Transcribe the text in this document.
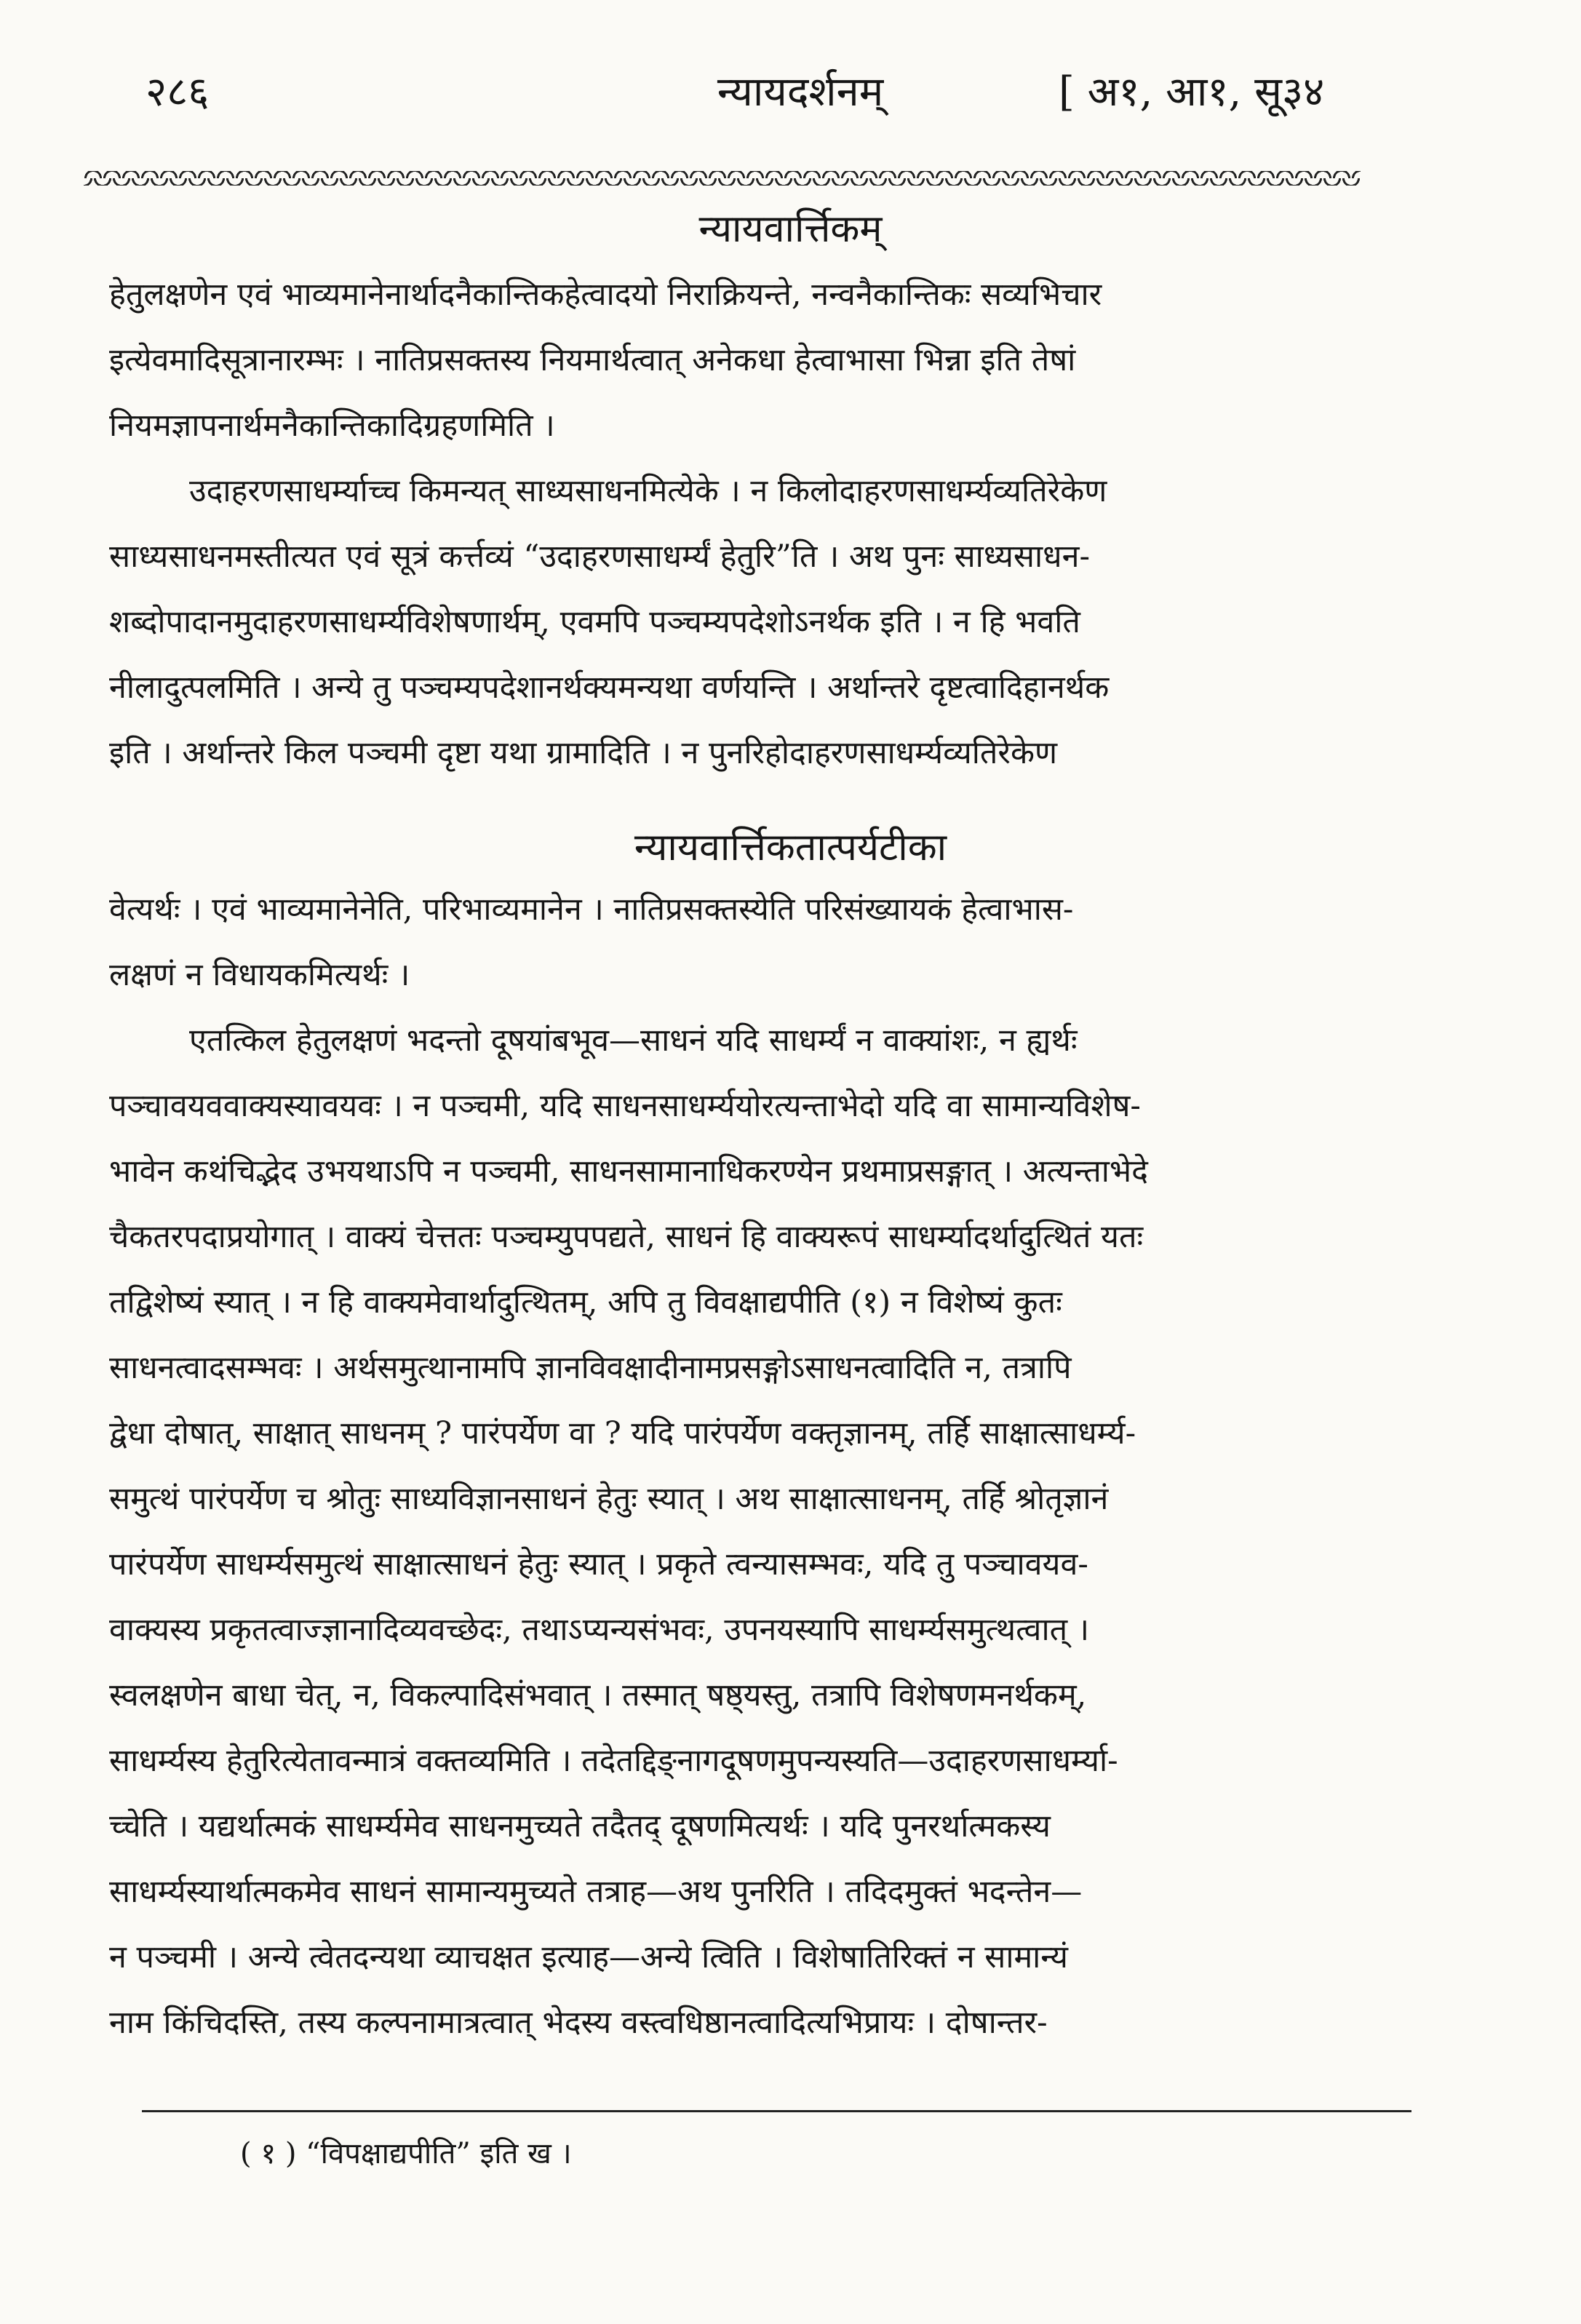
२८६	न्यायदर्शनम्	[ अ१, आ१, सू३४
न्यायवार्त्तिकम्
हेतुलक्षणेन एवं भाव्यमानेनार्थादनैकान्तिकहेत्वादयो निराक्रियन्ते, नन्वनैकान्तिकः सव्यभिचार
इत्येवमादिसूत्रानारम्भः । नातिप्रसक्तस्य नियमार्थत्वात् अनेकधा हेत्वाभासा भिन्ना इति तेषां
नियमज्ञापनार्थमनैकान्तिकादिग्रहणमिति ।
उदाहरणसाधर्म्याच्च किमन्यत् साध्यसाधनमित्येके । न किलोदाहरणसाधर्म्यव्यतिरेकेण
साध्यसाधनमस्तीत्यत एवं सूत्रं कर्त्तव्यं “उदाहरणसाधर्म्यं हेतुरि”ति । अथ पुनः साध्यसाधन-
शब्दोपादानमुदाहरणसाधर्म्यविशेषणार्थम्, एवमपि पञ्चम्यपदेशोऽनर्थक इति । न हि भवति
नीलादुत्पलमिति । अन्ये तु पञ्चम्यपदेशानर्थक्यमन्यथा वर्णयन्ति । अर्थान्तरे दृष्टत्वादिहानर्थक
इति । अर्थान्तरे किल पञ्चमी दृष्टा यथा ग्रामादिति । न पुनरिहोदाहरणसाधर्म्यव्यतिरेकेण
न्यायवार्त्तिकतात्पर्यटीका
वेत्यर्थः । एवं भाव्यमानेनेति, परिभाव्यमानेन । नातिप्रसक्तस्येति परिसंख्यायकं हेत्वाभास-
लक्षणं न विधायकमित्यर्थः ।
एतत्किल हेतुलक्षणं भदन्तो दूषयांबभूव—साधनं यदि साधर्म्यं न वाक्यांशः, न ह्यर्थः
पञ्चावयववाक्यस्यावयवः । न पञ्चमी, यदि साधनसाधर्म्ययोरत्यन्ताभेदो यदि वा सामान्यविशेष-
भावेन कथंचिद्भेद उभयथाऽपि न पञ्चमी, साधनसामानाधिकरण्येन प्रथमाप्रसङ्गात् । अत्यन्ताभेदे
चैकतरपदाप्रयोगात् । वाक्यं चेत्ततः पञ्चम्युपपद्यते, साधनं हि वाक्यरूपं साधर्म्यादर्थादुत्थितं यतः
तद्विशेष्यं स्यात् । न हि वाक्यमेवार्थादुत्थितम्, अपि तु विवक्षाद्यपीति (१) न विशेष्यं कुतः
साधनत्वादसम्भवः । अर्थसमुत्थानामपि ज्ञानविवक्षादीनामप्रसङ्गोऽसाधनत्वादिति न, तत्रापि
द्वेधा दोषात्, साक्षात् साधनम् ? पारंपर्येण वा ? यदि पारंपर्येण वक्तृज्ञानम्, तर्हि साक्षात्साधर्म्य-
समुत्थं पारंपर्येण च श्रोतुः साध्यविज्ञानसाधनं हेतुः स्यात् । अथ साक्षात्साधनम्, तर्हि श्रोतृज्ञानं
पारंपर्येण साधर्म्यसमुत्थं साक्षात्साधनं हेतुः स्यात् । प्रकृते त्वन्यासम्भवः, यदि तु पञ्चावयव-
वाक्यस्य प्रकृतत्वाज्ज्ञानादिव्यवच्छेदः, तथाऽप्यन्यसंभवः, उपनयस्यापि साधर्म्यसमुत्थत्वात् ।
स्वलक्षणेन बाधा चेत्, न, विकल्पादिसंभवात् । तस्मात् षष्ठ्यस्तु, तत्रापि विशेषणमनर्थकम्,
साधर्म्यस्य हेतुरित्येतावन्मात्रं वक्तव्यमिति । तदेतद्दिङ्नागदूषणमुपन्यस्यति—उदाहरणसाधर्म्या-
च्चेति । यद्यर्थात्मकं साधर्म्यमेव साधनमुच्यते तदैतद् दूषणमित्यर्थः । यदि पुनरर्थात्मकस्य
साधर्म्यस्यार्थात्मकमेव साधनं सामान्यमुच्यते तत्राह—अथ पुनरिति । तदिदमुक्तं भदन्तेन—
न पञ्चमी । अन्ये त्वेतदन्यथा व्याचक्षत इत्याह—अन्ये त्विति । विशेषातिरिक्तं न सामान्यं
नाम किंचिदस्ति, तस्य कल्पनामात्रत्वात् भेदस्य वस्त्वधिष्ठानत्वादित्यभिप्रायः । दोषान्तर-
( १ ) “विपक्षाद्यपीति” इति ख ।
